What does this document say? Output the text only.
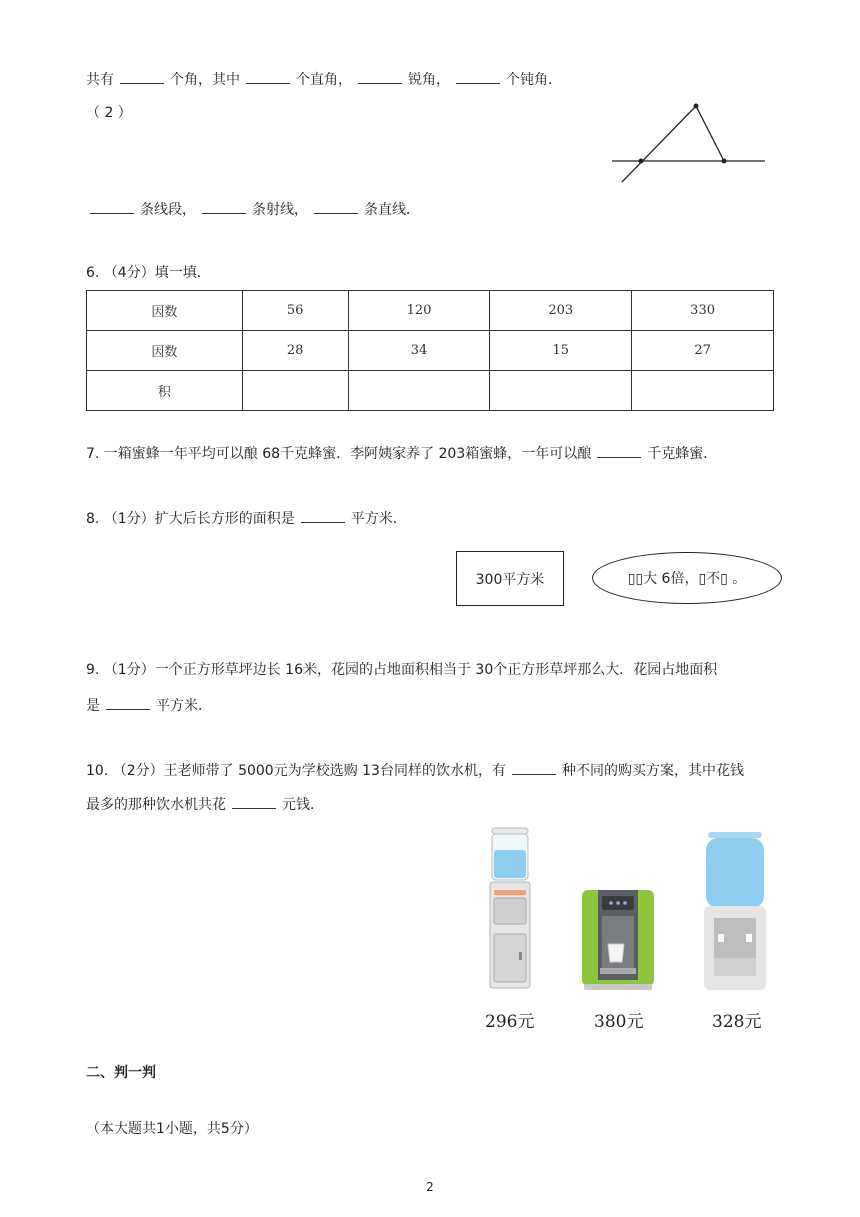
共有	个角，其中	个直角，	锐角，	个钝角．
（ 2 ）
条线段，	条射线，	条直线．
6. （4分）填一填．
因数	56	120	203	330
因数	28	34	15	27
积				
7. 一箱蜜蜂一年平均可以酿 68千克蜂蜜．李阿姨家养了 203箱蜜蜂，一年可以酿	千克蜂蜜．
8. （1分）扩大后长方形的面积是	平方米．
300平方米	▯▯大 6倍，▯不▯ 。
9. （1分）一个正方形草坪边长 16米，花园的占地面积相当于 30个正方形草坪那么大．花园占地面积
是	平方米．
10. （2分）王老师带了 5000元为学校选购 13台同样的饮水机，有	种不同的购买方案，其中花钱
最多的那种饮水机共花	元钱．
296元	380元	328元
二、判一判
（本大题共1小题，共5分）
2
